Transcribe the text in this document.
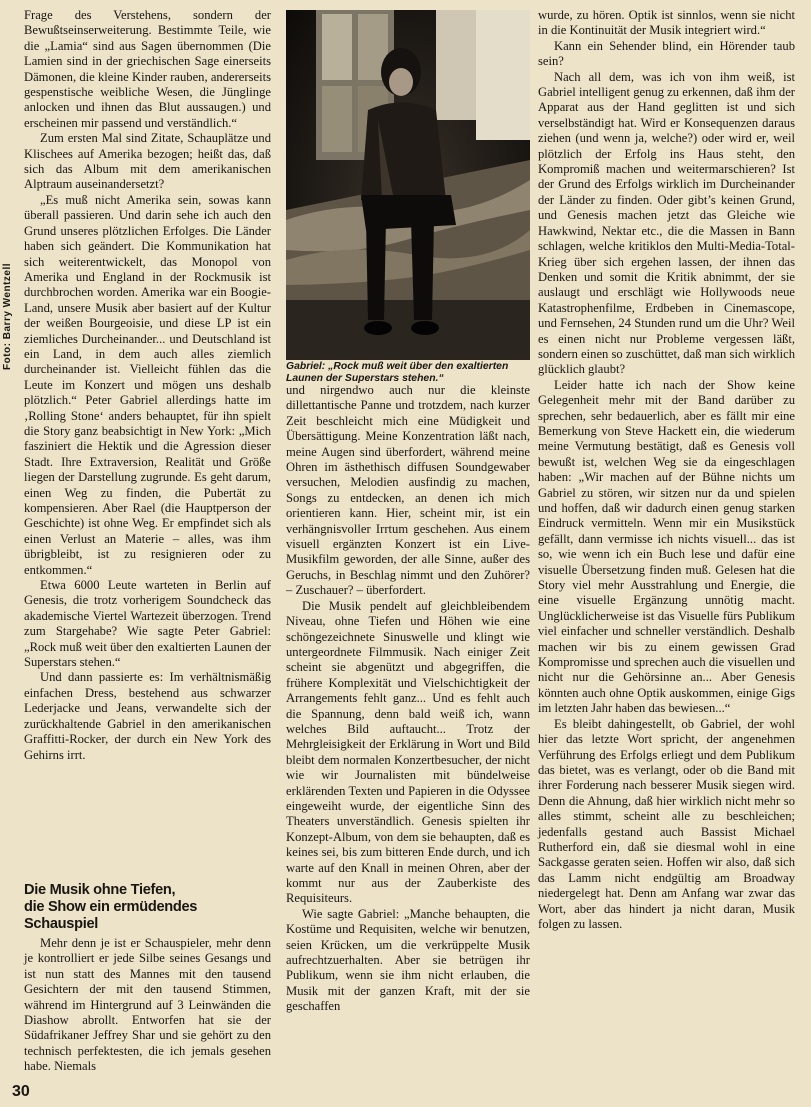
Foto: Barry Wentzell

Frage des Verstehens, sondern der Bewußtseinserweiterung. Bestimmte Teile, wie die „Lamia“ sind aus Sagen übernommen (Die Lamien sind in der griechischen Sage einerseits Dämonen, die kleine Kinder rauben, andererseits gespenstische weibliche Wesen, die Jünglinge anlocken und ihnen das Blut aussaugen.) und erscheinen mir passend und verständlich.“

Zum ersten Mal sind Zitate, Schauplätze und Klischees auf Amerika bezogen; heißt das, daß sich das Album mit dem amerikanischen Alptraum auseinandersetzt?

„Es muß nicht Amerika sein, sowas kann überall passieren. Und darin sehe ich auch den Grund unseres plötzlichen Erfolges. Die Länder haben sich geändert. Die Kommunikation hat sich weiterentwickelt, das Monopol von Amerika und England in der Rockmusik ist durchbrochen worden. Amerika war ein Boogie-Land, unsere Musik aber basiert auf der Kultur der weißen Bourgeoisie, und diese LP ist ein ziemliches Durcheinander... und Deutschland ist ein Land, in dem auch alles ziemlich durcheinander ist. Vielleicht fühlen das die Leute im Konzert und mögen uns deshalb plötzlich.“ Peter Gabriel allerdings hatte im ‚Rolling Stone‘ anders behauptet, für ihn spielt die Story ganz beabsichtigt in New York: „Mich fasziniert die Hektik und die Agression dieser Stadt. Ihre Extraversion, Realität und Größe liegen der Darstellung zugrunde. Es geht darum, einen Weg zu finden, die Pubertät zu kompensieren. Aber Rael (die Hauptperson der Geschichte) ist ohne Weg. Er empfindet sich als einen Verlust an Materie – alles, was ihm übrigbleibt, ist zu resignieren oder zu entkommen.“

Etwa 6000 Leute warteten in Berlin auf Genesis, die trotz vorherigem Soundcheck das akademische Viertel Wartezeit überzogen. Trend zum Stargehabe? Wie sagte Peter Gabriel: „Rock muß weit über den exaltierten Launen der Superstars stehen.“

Und dann passierte es: Im verhältnismäßig einfachen Dress, bestehend aus schwarzer Lederjacke und Jeans, verwandelte sich der zurückhaltende Gabriel in den amerikanischen Graffitti-Rocker, der durch ein New York des Gehirns irrt.

Die Musik ohne Tiefen,
die Show ein ermüdendes Schauspiel

Mehr denn je ist er Schauspieler, mehr denn je kontrolliert er jede Silbe seines Gesangs und ist nun statt des Mannes mit den tausend Gesichtern der mit den tausend Stimmen, während im Hintergrund auf 3 Leinwänden die Diashow abrollt. Entworfen hat sie der Südafrikaner Jeffrey Shar und sie gehört zu den technisch perfektesten, die ich jemals gesehen habe. Niemals

Gabriel: „Rock muß weit über den exaltierten Launen der Superstars stehen.“

und nirgendwo auch nur die kleinste dillettantische Panne und trotzdem, nach kurzer Zeit beschleicht mich eine Müdigkeit und Übersättigung. Meine Konzentration läßt nach, meine Augen sind überfordert, während meine Ohren im ästhethisch diffusen Soundgewaber versuchen, Melodien ausfindig zu machen, Songs zu entdecken, an denen ich mich orientieren kann. Hier, scheint mir, ist ein verhängnisvoller Irrtum geschehen. Aus einem visuell ergänzten Konzert ist ein Live-Musikfilm geworden, der alle Sinne, außer des Geruchs, in Beschlag nimmt und den Zuhörer? – Zuschauer? – überfordert.

Die Musik pendelt auf gleichbleibendem Niveau, ohne Tiefen und Höhen wie eine schöngezeichnete Sinuswelle und klingt wie untergeordnete Filmmusik. Nach einiger Zeit scheint sie abgenützt und abgegriffen, die frühere Komplexität und Vielschichtigkeit der Arrangements fehlt ganz... Und es fehlt auch die Spannung, denn bald weiß ich, wann welches Bild auftaucht... Trotz der Mehrgleisigkeit der Erklärung in Wort und Bild bleibt dem normalen Konzertbesucher, der nicht wie wir Journalisten mit bündelweise erklärenden Texten und Papieren in die Odyssee eingeweiht wurde, der eigentliche Sinn des Theaters unverständlich. Genesis spielten ihr Konzept-Album, von dem sie behaupten, daß es keines sei, bis zum bitteren Ende durch, und ich warte auf den Knall in meinen Ohren, aber der kommt nur aus der Zauberkiste des Requisiteurs.

Wie sagte Gabriel: „Manche behaupten, die Kostüme und Requisiten, welche wir benutzen, seien Krücken, um die verkrüppelte Musik aufrechtzuerhalten. Aber sie betrügen ihr Publikum, wenn sie ihm nicht erlauben, die Musik mit der ganzen Kraft, mit der sie geschaffen

wurde, zu hören. Optik ist sinnlos, wenn sie nicht in die Kontinuität der Musik integriert wird.“

Kann ein Sehender blind, ein Hörender taub sein?

Nach all dem, was ich von ihm weiß, ist Gabriel intelligent genug zu erkennen, daß ihm der Apparat aus der Hand geglitten ist und sich verselbständigt hat. Wird er Konsequenzen daraus ziehen (und wenn ja, welche?) oder wird er, weil plötzlich der Erfolg ins Haus steht, den Kompromiß machen und weitermarschieren? Ist der Grund des Erfolgs wirklich im Durcheinander der Länder zu finden. Oder gibt’s keinen Grund, und Genesis machen jetzt das Gleiche wie Hawkwind, Nektar etc., die die Massen in Bann schlagen, welche kritiklos den Multi-Media-Total-Krieg über sich ergehen lassen, der ihnen das Denken und somit die Kritik abnimmt, der sie auslaugt und erschlägt wie Hollywoods neue Katastrophenfilme, Erdbeben in Cinemascope, und Fernsehen, 24 Stunden rund um die Uhr? Weil es einen nicht nur Probleme vergessen läßt, sondern einen so zuschüttet, daß man sich wirklich glücklich glaubt?

Leider hatte ich nach der Show keine Gelegenheit mehr mit der Band darüber zu sprechen, sehr bedauerlich, aber es fällt mir eine Bemerkung von Steve Hackett ein, die wiederum meine Vermutung bestätigt, daß es Genesis voll bewußt ist, welchen Weg sie da eingeschlagen haben: „Wir machen auf der Bühne nichts um Gabriel zu stören, wir sitzen nur da und spielen und hoffen, daß wir dadurch einen genug starken Eindruck vermitteln. Wenn mir ein Musikstück gefällt, dann vermisse ich nichts visuell... das ist so, wie wenn ich ein Buch lese und dafür eine visuelle Übersetzung finden muß. Gelesen hat die Story viel mehr Ausstrahlung und Energie, die eine visuelle Ergänzung unnötig macht. Unglücklicherweise ist das Visuelle fürs Publikum viel einfacher und schneller verständlich. Deshalb machen wir bis zu einem gewissen Grad Kompromisse und sprechen auch die visuellen und nicht nur die Gehörsinne an... Aber Genesis könnten auch ohne Optik auskommen, einige Gigs im letzten Jahr haben das bewiesen...“

Es bleibt dahingestellt, ob Gabriel, der wohl hier das letzte Wort spricht, der angenehmen Verführung des Erfolgs erliegt und dem Publikum das bietet, was es verlangt, oder ob die Band mit ihrer Forderung nach besserer Musik siegen wird. Denn die Ahnung, daß hier wirklich nicht mehr so alles stimmt, scheint alle zu beschleichen; jedenfalls gestand auch Bassist Michael Rutherford ein, daß sie diesmal wohl in eine Sackgasse geraten seien. Hoffen wir also, daß sich das Lamm nicht endgültig am Broadway niedergelegt hat. Denn am Anfang war zwar das Wort, aber das hindert ja nicht daran, Musik folgen zu lassen.

30
